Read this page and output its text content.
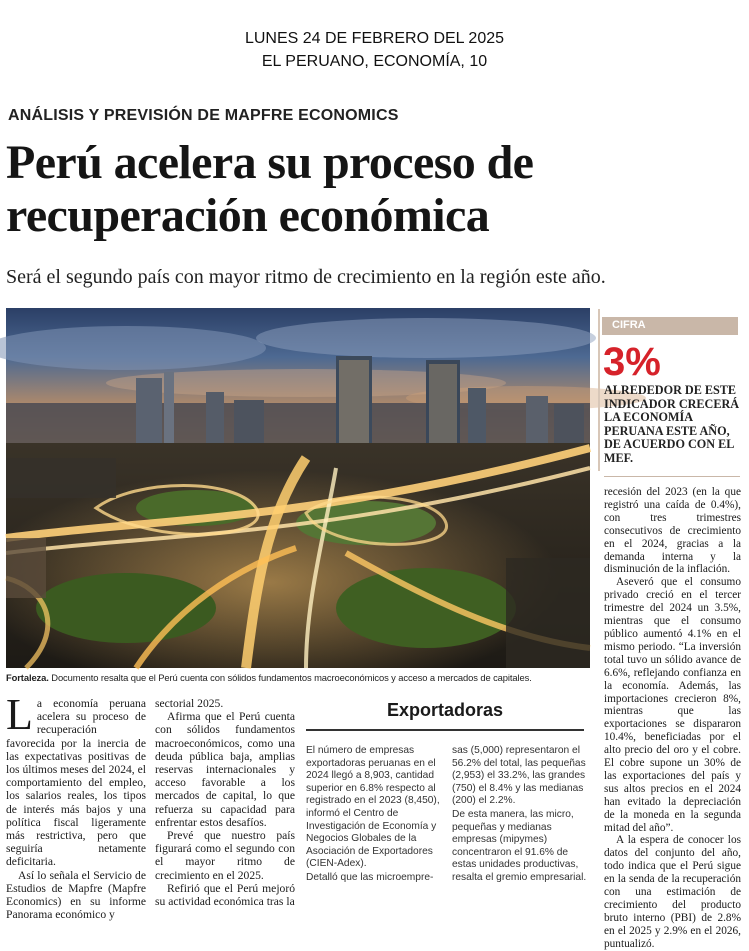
LUNES 24 DE FEBRERO DEL 2025
EL PERUANO, ECONOMÍA, 10
ANÁLISIS Y PREVISIÓN DE MAPFRE ECONOMICS
Perú acelera su proceso de
recuperación económica
Será el segundo país con mayor ritmo de crecimiento en la región este año.
Fortaleza. Documento resalta que el Perú cuenta con sólidos fundamentos macroeconómicos y acceso a mercados de capitales.
CIFRA
3%
ALREDEDOR DE ESTE INDICADOR CRECERÁ LA ECONOMÍA PERUANA ESTE AÑO, DE ACUERDO CON EL MEF.

La economía peruana acelera su proceso de recuperación favorecida por la inercia de las expectativas positivas de los últimos meses del 2024, el comportamiento del empleo, los salarios reales, los tipos de interés más bajos y una política fiscal ligeramente más restrictiva, pero que seguiría netamente deficitaria.

Así lo señala el Servicio de Estudios de Mapfre (Mapfre Economics) en su informe Panorama económico y

sectorial 2025.

Afirma que el Perú cuenta con sólidos fundamentos macroeconómicos, como una deuda pública baja, amplias reservas internacionales y acceso favorable a los mercados de capital, lo que refuerza su capacidad para enfrentar estos desafíos.

Prevé que nuestro país figurará como el segundo con el mayor ritmo de crecimiento en el 2025.

Refirió que el Perú mejoró su actividad económica tras la

Exportadoras

El número de empresas exportadoras peruanas en el 2024 llegó a 8,903, cantidad superior en 6.8% respecto al registrado en el 2023 (8,450), informó el Centro de Investigación de Economía y Negocios Globales de la Asociación de Exportadores (CIEN-Adex).

Detalló que las microempre-

sas (5,000) representaron el 56.2% del total, las pequeñas (2,953) el 33.2%, las grandes (750) el 8.4% y las medianas (200) el 2.2%.

De esta manera, las micro, pequeñas y medianas empresas (mipymes) concentraron el 91.6% de estas unidades productivas, resalta el gremio empresarial.

recesión del 2023 (en la que registró una caída de 0.4%), con tres trimestres consecutivos de crecimiento en el 2024, gracias a la demanda interna y la disminución de la inflación.

Aseveró que el consumo privado creció en el tercer trimestre del 2024 un 3.5%, mientras que el consumo público aumentó 4.1% en el mismo periodo. “La inversión total tuvo un sólido avance de 6.6%, reflejando confianza en la economía. Además, las importaciones crecieron 8%, mientras que las exportaciones se dispararon 10.4%, beneficiadas por el alto precio del oro y el cobre. El cobre supone un 30% de las exportaciones del país y sus altos precios en el 2024 han evitado la depreciación de la moneda en la segunda mitad del año”.

A la espera de conocer los datos del conjunto del año, todo indica que el Perú sigue en la senda de la recuperación con una estimación de crecimiento del producto bruto interno (PBI) de 2.8% en el 2025 y 2.9% en el 2026, puntualizó.
